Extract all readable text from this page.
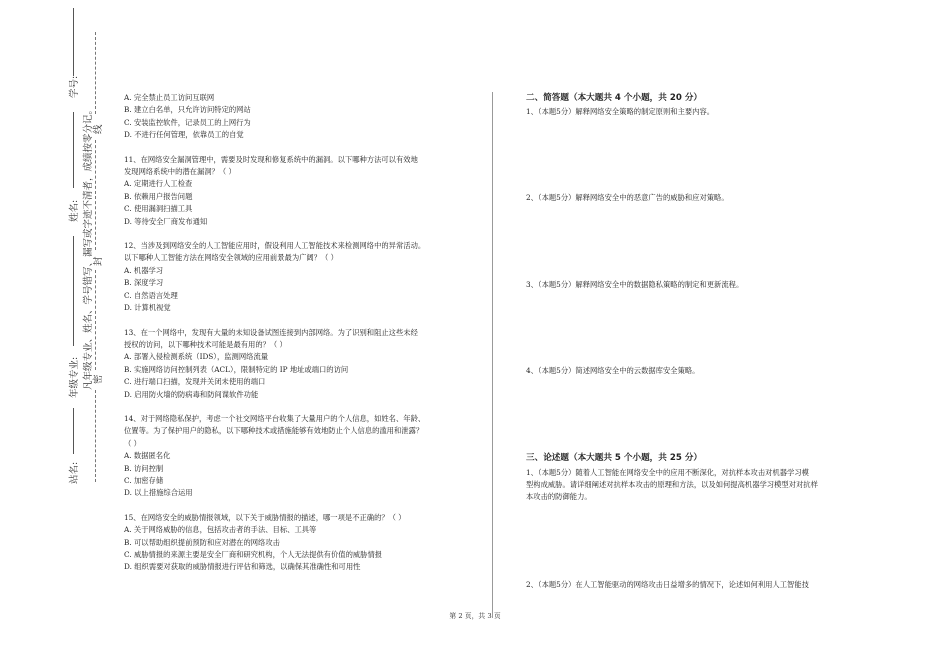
学号:
姓名:
年级专业:
站名:
凡年级专业、姓名、学号错写、漏写或字迹不清者，成绩按零分记。 线
封
密
A. 完全禁止员工访问互联网
B. 建立白名单，只允许访问特定的网站
C. 安装监控软件，记录员工的上网行为
D. 不进行任何管理，依靠员工的自觉
11、在网络安全漏洞管理中，需要及时发现和修复系统中的漏洞。以下哪种方法可以有效地
发现网络系统中的潜在漏洞？（ ）
A. 定期进行人工检查
B. 依赖用户报告问题
C. 使用漏洞扫描工具
D. 等待安全厂商发布通知
12、当涉及到网络安全的人工智能应用时，假设利用人工智能技术来检测网络中的异常活动。
以下哪种人工智能方法在网络安全领域的应用前景最为广阔？（ ）
A. 机器学习
B. 深度学习
C. 自然语言处理
D. 计算机视觉
13、在一个网络中，发现有大量的未知设备试图连接到内部网络。为了识别和阻止这些未经
授权的访问，以下哪种技术可能是最有用的？（ ）
A. 部署入侵检测系统（IDS），监测网络流量
B. 实施网络访问控制列表（ACL），限制特定的 IP 地址或端口的访问
C. 进行端口扫描，发现并关闭未使用的端口
D. 启用防火墙的防病毒和防间谍软件功能
14、对于网络隐私保护，考虑一个社交网络平台收集了大量用户的个人信息，如姓名、年龄、
位置等。为了保护用户的隐私，以下哪种技术或措施能够有效地防止个人信息的滥用和泄露？
（ ）
A. 数据匿名化
B. 访问控制
C. 加密存储
D. 以上措施综合运用
15、在网络安全的威胁情报领域，以下关于威胁情报的描述，哪一项是不正确的？（ ）
A. 关于网络威胁的信息，包括攻击者的手法、目标、工具等
B. 可以帮助组织提前预防和应对潜在的网络攻击
C. 威胁情报的来源主要是安全厂商和研究机构，个人无法提供有价值的威胁情报
D. 组织需要对获取的威胁情报进行评估和筛选，以确保其准确性和可用性
二、简答题（本大题共 4 个小题，共 20 分）
1、（本题5分）解释网络安全策略的制定原则和主要内容。
2、（本题5分）解释网络安全中的恶意广告的威胁和应对策略。
3、（本题5分）解释网络安全中的数据隐私策略的制定和更新流程。
4、（本题5分）简述网络安全中的云数据库安全策略。
三、论述题（本大题共 5 个小题，共 25 分）
1、（本题5分）随着人工智能在网络安全中的应用不断深化，对抗样本攻击对机器学习模
型构成威胁。请详细阐述对抗样本攻击的原理和方法，以及如何提高机器学习模型对对抗样
本攻击的防御能力。
2、（本题5分）在人工智能驱动的网络攻击日益增多的情况下，论述如何利用人工智能技
第 2 页，共 3 页
